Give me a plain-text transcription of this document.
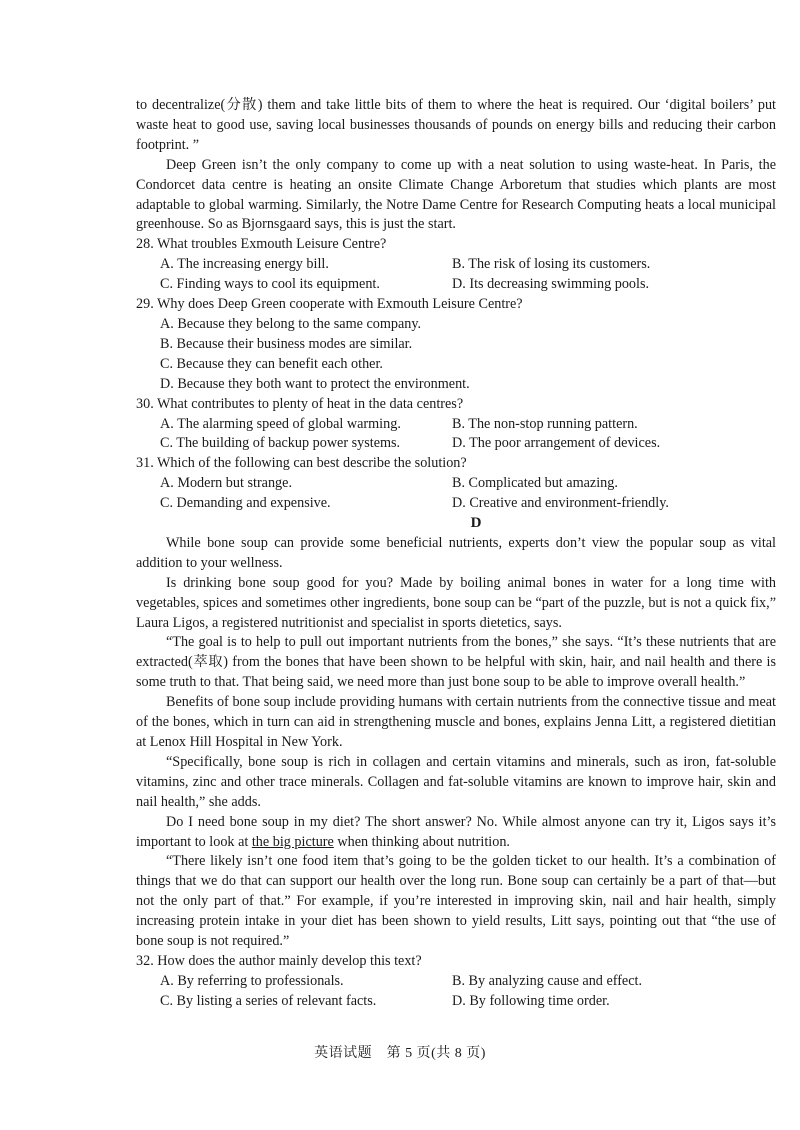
to decentralize(分散) them and take little bits of them to where the heat is required. Our ‘digital boilers’ put waste heat to good use, saving local businesses thousands of pounds on energy bills and reducing their carbon footprint. ”

Deep Green isn’t the only company to come up with a neat solution to using waste-heat. In Paris, the Condorcet data centre is heating an onsite Climate Change Arboretum that studies which plants are most adaptable to global warming. Similarly, the Notre Dame Centre for Research Computing heats a local municipal greenhouse. So as Bjornsgaard says, this is just the start.

28. What troubles Exmouth Leisure Centre?

A. The increasing energy bill.	B. The risk of losing its customers.
C. Finding ways to cool its equipment.	D. Its decreasing swimming pools.

29. Why does Deep Green cooperate with Exmouth Leisure Centre?

A. Because they belong to the same company.
B. Because their business modes are similar.
C. Because they can benefit each other.
D. Because they both want to protect the environment.

30. What contributes to plenty of heat in the data centres?

A. The alarming speed of global warming.	B. The non-stop running pattern.
C. The building of backup power systems.	D. The poor arrangement of devices.

31. Which of the following can best describe the solution?

A. Modern but strange.	B. Complicated but amazing.
C. Demanding and expensive.	D. Creative and environment-friendly.
D

While bone soup can provide some beneficial nutrients, experts don’t view the popular soup as vital addition to your wellness.

Is drinking bone soup good for you? Made by boiling animal bones in water for a long time with vegetables, spices and sometimes other ingredients, bone soup can be “part of the puzzle, but is not a quick fix,” Laura Ligos, a registered nutritionist and specialist in sports dietetics, says.

“The goal is to help to pull out important nutrients from the bones,” she says. “It’s these nutrients that are extracted(萃取) from the bones that have been shown to be helpful with skin, hair, and nail health and there is some truth to that. That being said, we need more than just bone soup to be able to improve overall health.”

Benefits of bone soup include providing humans with certain nutrients from the connective tissue and meat of the bones, which in turn can aid in strengthening muscle and bones, explains Jenna Litt, a registered dietitian at Lenox Hill Hospital in New York.

“Specifically, bone soup is rich in collagen and certain vitamins and minerals, such as iron, fat-soluble vitamins, zinc and other trace minerals. Collagen and fat-soluble vitamins are known to improve hair, skin and nail health,” she adds.

Do I need bone soup in my diet? The short answer? No. While almost anyone can try it, Ligos says it’s important to look at the big picture when thinking about nutrition.

“There likely isn’t one food item that’s going to be the golden ticket to our health. It’s a combination of things that we do that can support our health over the long run. Bone soup can certainly be a part of that—but not the only part of that.” For example, if you’re interested in improving skin, nail and hair health, simply increasing protein intake in your diet has been shown to yield results, Litt says, pointing out that “the use of bone soup is not required.”

32. How does the author mainly develop this text?

A. By referring to professionals.	B. By analyzing cause and effect.
C. By listing a series of relevant facts.	D. By following time order.
英语试题　第 5 页(共 8 页)
